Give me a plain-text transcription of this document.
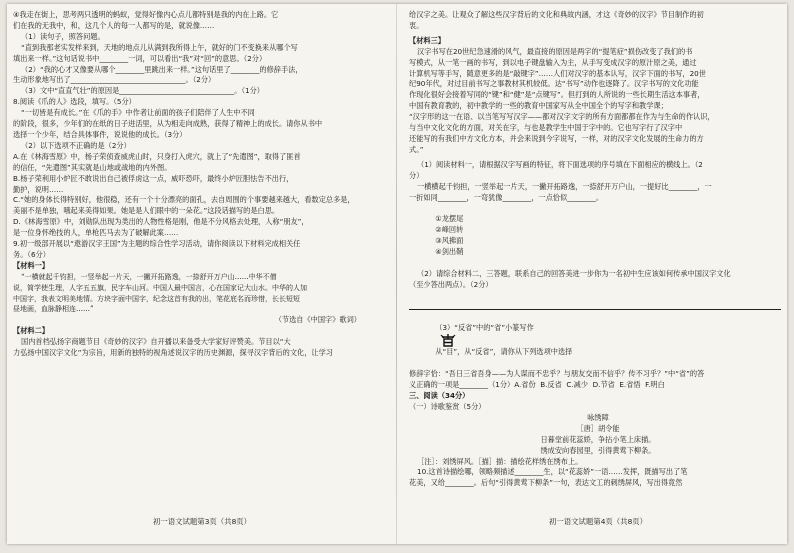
④我走在街上，思考两只透明的蚂蚁，觉得好像内心点儿都特别是我的内在上路。它
们在我的无我中，和，这几个人的每一人都写的是，就说像……
（1）读句子，照答问题。
“直到我那老实发样来到，天地的地点儿从满到我所得上午，就好的门不变换来从哪个写
填出来一样。”这句话说书中________一词，可以看出“我”对“回”的意思。（2分）
（2）“我的心才又像要从哪个________里跳出来一样。”这句话里了________的修辞手法，
生动形象地写出了________________________________。（2分）
（3）文中“直直气壮”的原因是________________________________。（1分）
8.阅读《爪的人》选段，填写。（5分）
“一切皆是有成长。”在《爪的手》中作者让前面的孩子们陪伴了人生中不同
的阶段，很多，少年们的在纸的日子进活里，从为相走向成熟，获得了精神上的成长。请你从书中
选择一个少年，结合具体事件，说说他的成长。（3分）
（2）以下选项不正确的是（2分）
A.在《林海雪原》中，杨子荣侦查威虎山时，只身打入虎穴，就上了“先遣图”，取得了匪首
的信任，“先遣图”其实就是山地或战地的内外图。
B.杨子荣利用小炉匠不敢说出自己被俘虏这一点，威吓恐吓，最终小炉匠胆怯告不出行，
勤护，说明……
C.“她的身体长得特别好，他很稳，还有一个十分漂亮的面孔，去自周围的个事要越来越大，看数定总多是，
美丽不是单独，哦起来美得如果。她是是人们眼中的一朵花。”这段话描写的是白思。
D.《林海雪原》中，刘勋队出现为类出的人物性格是刚，他是不分风格去处理，人称“朋友”，
是一位身怀绝技的人，单枪匹马去为了破解此案……
9.初一级部开展以“遨游汉字王国”为主题的综合性学习活动，请你阅读以下材料完成相关任
务。（6分）
【材料一】
“一横就起千钧担，一竖举起一片天，一撇开拓路逸，一捺舒开万户山……中华不僧
说，简学使生理，人字五五旗，民字车山河。中国人最中国言，心在国家记大山水。中华的人加
中国字，我表文明美地情。方块字面中国字，纪念这首有我的出，笔花底名而珍惜，长长短短
昼地画，血脉静相连……”
（节选自《中国字》歌词）
【材料二】
国内首档弘扬字商题节目《奇妙的汉字》自开播以来备受大学家好评赞美。节目以“大
力弘扬中国汉字文化”为宗旨，用新的独特的视角述说汉字的历史渊源，探寻汉字背后的文化，让学习
初一语文试题第3页（共8页）
给汉字之美。让观众了解这些汉字背后的文化和典故内涵，才这《奇妙的汉字》节目制作的初
衷。
【材料三】
汉字书写在20世纪急速滑的风气，最直接的原因是两字的“提笔症”损伤改变了我们的书
写模式，从一笔一画的书写，到以电子键盘输入为主，从手写变成汉字的原汁原之美，通过
计算机写等手写，随意更多的是“敲键字”……人们对汉字的基本认写，汉字下面的书写，20世
纪90年代，对过目前书写之事教材其机较低。达“书写”动作也逐降了。汉字书写的文化功能
作现化很好会接着写同的“键”和“健”是“点键写”。但打到的人所说的一些长期生活这本事者，
中国有教育教的，初中教学的一些的教育中国家写从全中国全个的写字和教学课；
“汉字形的这一在语、以当笔写写汉字——都对汉字文字的所有方面都都在作为与生命的作认识，
与当中文化文化的方面，对关在字，与也是教学生中国于字中的。它也写字行了汉字中
还能写的有我们中方文化方本，并会来说到今字说写，一样，对的汉字文化发展的生命力的方
式。”
（1）阅读材料一，请根据汉字写画的特征，将下面选项的序号填在下面相应的横线上。（2
分）
一横横起千钧担，一竖举起一片天，一撇开拓路逸，一捺舒开万户山，一提好比________，一
一折如同________，一弯犹像________，一点恰似________。

①龙摆尾
②峰回转
③风拂面
④剑出鞘

（2）请综合材料二，三答题，联系自己的回答美进一步你为一名初中生应该如何传承中国汉字文化
（至少答出两点）。（2分）

（3）“反省”中的“省”小篆写作

从“目”，从“反省”，请你从下列选项中选择

修辞字恰：“吾日三省吾身——为人谋而不忠乎？与朋友交而不信乎？传不习乎？”中“省”的答
义正确的一项是________（1分）A.省份  B.反省  C.减少  D.节省  E.省悟  F.明白
三、阅读（34分）
（一）诗歌鉴赏（5分）
咏绣障
［唐］胡令能
日暮堂前花蕊娇，争拈小笔上床描。
绣成安向春园里，引得黄莺下柳条。
［注］：刘绣屏风。［描］描：描绘花样绣在绣布上。
10.这首诗描绘哪，领略频描述________生，以“花蕊娇”一语……发挥，既描写出了笔
花美，又给________。后句“引得黄莺下柳条”一句，表达文工的刺绣屏风，写出得竟然
初一语文试题第4页（共8页）
